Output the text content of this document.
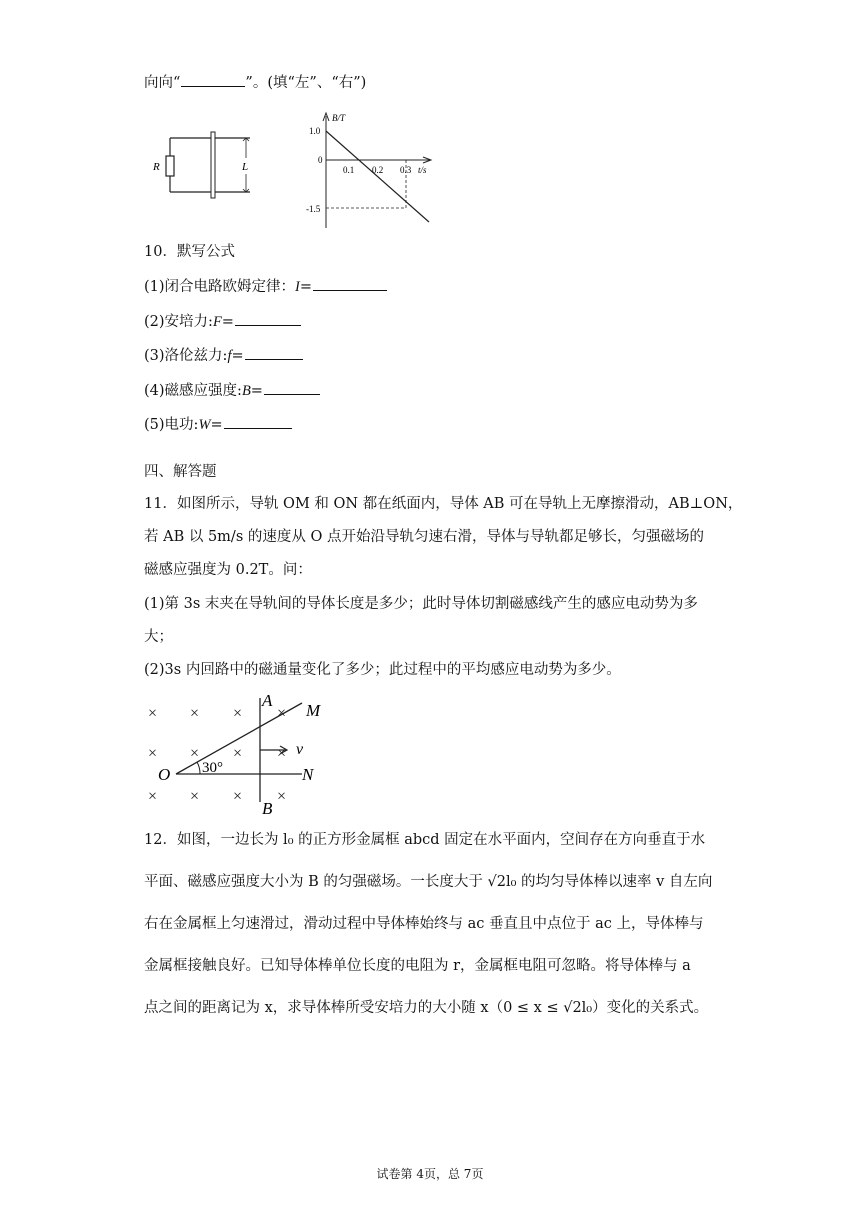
向向“	”。(填“左”、“右”)
R	L
B/T
1.0
0
-1.5
0.1 0.2 0.3 t/s
10．默写公式
(1)闭合电路欧姆定律：I=
(2)安培力:F=
(3)洛伦兹力:f=
(4)磁感应强度:B=
(5)电功:W=
四、解答题
11．如图所示，导轨 OM 和 ON 都在纸面内，导体 AB 可在导轨上无摩擦滑动，AB⊥ON，
若 AB 以 5m/s 的速度从 O 点开始沿导轨匀速右滑，导体与导轨都足够长，匀强磁场的
磁感应强度为 0.2T。问：
(1)第 3s 末夹在导轨间的导体长度是多少；此时导体切割磁感线产生的感应电动势为多
大；
(2)3s 内回路中的磁通量变化了多少；此过程中的平均感应电动势为多少。
× × × ×
× × × ×
× × × ×
O 30°
A
M
v
N
B
12．如图，一边长为 l₀ 的正方形金属框 abcd 固定在水平面内，空间存在方向垂直于水
平面、磁感应强度大小为 B 的匀强磁场。一长度大于 √2l₀ 的均匀导体棒以速率 v 自左向
右在金属框上匀速滑过，滑动过程中导体棒始终与 ac 垂直且中点位于 ac 上，导体棒与
金属框接触良好。已知导体棒单位长度的电阻为 r，金属框电阻可忽略。将导体棒与 a
点之间的距离记为 x，求导体棒所受安培力的大小随 x（0 ≤ x ≤ √2l₀）变化的关系式。
试卷第 4页，总 7页
